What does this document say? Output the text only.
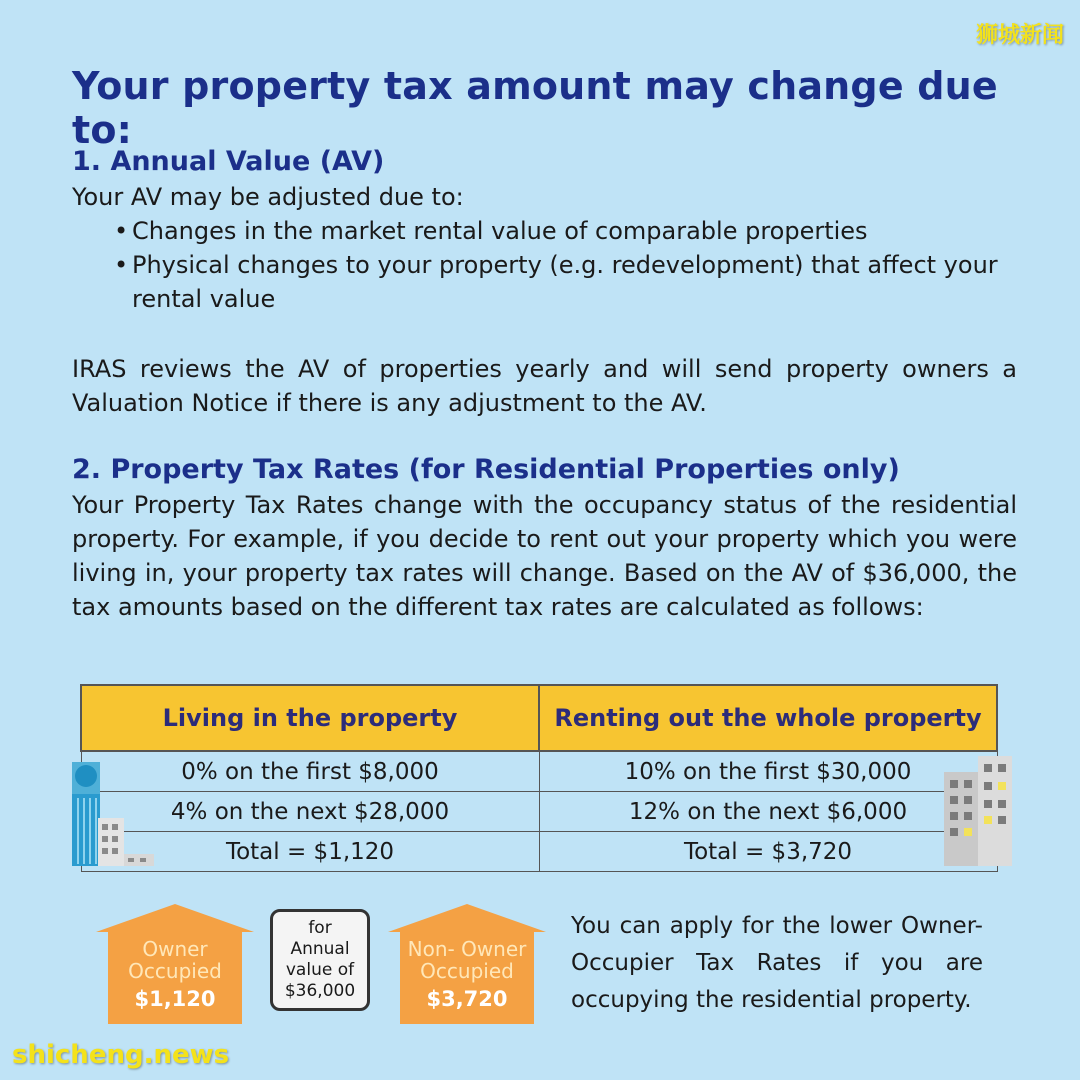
狮城新闻
Your property tax amount may change due to:
1. Annual Value (AV)

Your AV may be adjusted due to:

• Changes in the market rental value of comparable properties
• Physical changes to your property (e.g. redevelopment) that affect your rental value

IRAS reviews the AV of properties yearly and will send property owners a Valuation Notice if there is any adjustment to the AV.

2. Property Tax Rates (for Residential Properties only)

Your Property Tax Rates change with the occupancy status of the residential property. For example, if you decide to rent out your property which you were living in, your property tax rates will change. Based on the AV of $36,000, the tax amounts based on the different tax rates are calculated as follows:

Living in the property	Renting out the whole property
0% on the first $8,000	10% on the first $30,000
4% on the next $28,000	12% on the next $6,000
Total = $1,120	Total = $3,720
Owner
Occupied
$1,120
for
Annual
value of
$36,000
Non- Owner
Occupied
$3,720
You can apply for the lower Owner-Occupier Tax Rates if you are occupying the residential property.
shicheng.news
